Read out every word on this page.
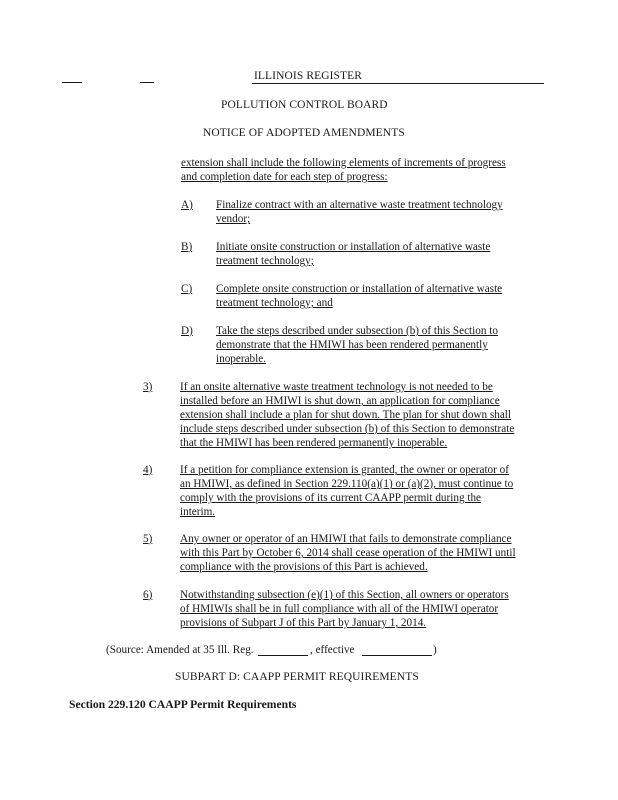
ILLINOIS REGISTER
POLLUTION CONTROL BOARD
NOTICE OF ADOPTED AMENDMENTS
extension shall include the following elements of increments of progress
and completion date for each step of progress:
A) Finalize contract with an alternative waste treatment technology
vendor;
B) Initiate onsite construction or installation of alternative waste
treatment technology;
C) Complete onsite construction or installation of alternative waste
treatment technology; and
D) Take the steps described under subsection (b) of this Section to
demonstrate that the HMIWI has been rendered permanently
inoperable.
3) If an onsite alternative waste treatment technology is not needed to be
installed before an HMIWI is shut down, an application for compliance
extension shall include a plan for shut down. The plan for shut down shall
include steps described under subsection (b) of this Section to demonstrate
that the HMIWI has been rendered permanently inoperable.
4) If a petition for compliance extension is granted, the owner or operator of
an HMIWI, as defined in Section 229.110(a)(1) or (a)(2), must continue to
comply with the provisions of its current CAAPP permit during the
interim.
5) Any owner or operator of an HMIWI that fails to demonstrate compliance
with this Part by October 6, 2014 shall cease operation of the HMIWI until
compliance with the provisions of this Part is achieved.
6) Notwithstanding subsection (e)(1) of this Section, all owners or operators
of HMIWIs shall be in full compliance with all of the HMIWI operator
provisions of Subpart J of this Part by January 1, 2014.
(Source: Amended at 35 Ill. Reg.	, effective	)
SUBPART D: CAAPP PERMIT REQUIREMENTS
Section 229.120 CAAPP Permit Requirements
